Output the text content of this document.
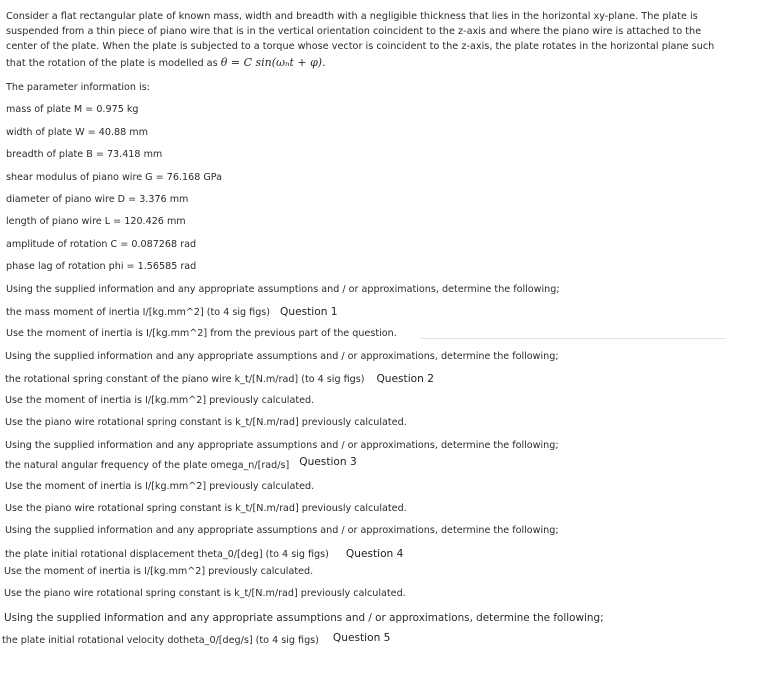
Consider a flat rectangular plate of known mass, width and breadth with a negligible thickness that lies in the horizontal xy-plane. The plate is
suspended from a thin piece of piano wire that is in the vertical orientation coincident to the z-axis and where the piano wire is attached to the
center of the plate. When the plate is subjected to a torque whose vector is coincident to the z-axis, the plate rotates in the horizontal plane such
that the rotation of the plate is modelled as θ = C sin(ωₙt + φ).
The parameter information is:
mass of plate M = 0.975 kg
width of plate W = 40.88 mm
breadth of plate B = 73.418 mm
shear modulus of piano wire G = 76.168 GPa
diameter of piano wire D = 3.376 mm
length of piano wire L = 120.426 mm
amplitude of rotation C = 0.087268 rad
phase lag of rotation phi = 1.56585 rad
Using the supplied information and any appropriate assumptions and / or approximations, determine the following;
the mass moment of inertia I/[kg.mm^2] (to 4 sig figs) Question 1
Use the moment of inertia is I/[kg.mm^2] from the previous part of the question.
Using the supplied information and any appropriate assumptions and / or approximations, determine the following;
the rotational spring constant of the piano wire k_t/[N.m/rad] (to 4 sig figs) Question 2
Use the moment of inertia is I/[kg.mm^2] previously calculated.
Use the piano wire rotational spring constant is k_t/[N.m/rad] previously calculated.
Using the supplied information and any appropriate assumptions and / or approximations, determine the following;
the natural angular frequency of the plate omega_n/[rad/s] Question 3
Use the moment of inertia is I/[kg.mm^2] previously calculated.
Use the piano wire rotational spring constant is k_t/[N.m/rad] previously calculated.
Using the supplied information and any appropriate assumptions and / or approximations, determine the following;
the plate initial rotational displacement theta_0/[deg] (to 4 sig figs) Question 4
Use the moment of inertia is I/[kg.mm^2] previously calculated.
Use the piano wire rotational spring constant is k_t/[N.m/rad] previously calculated.
Using the supplied information and any appropriate assumptions and / or approximations, determine the following;
the plate initial rotational velocity dotheta_0/[deg/s] (to 4 sig figs) Question 5
